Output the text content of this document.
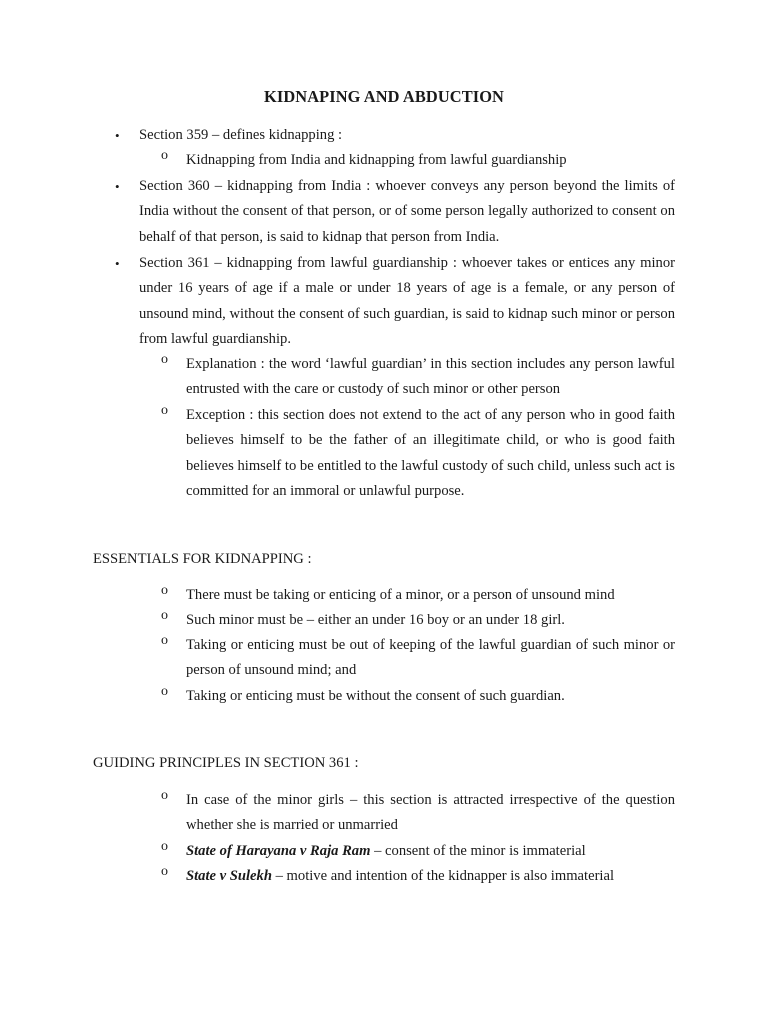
KIDNAPING AND ABDUCTION
• Section 359 – defines kidnapping :
o Kidnapping from India and kidnapping from lawful guardianship
• Section 360 – kidnapping from India : whoever conveys any person beyond the limits of India without the consent of that person, or of some person legally authorized to consent on behalf of that person, is said to kidnap that person from India.
• Section 361 – kidnapping from lawful guardianship : whoever takes or entices any minor under 16 years of age if a male or under 18 years of age is a female, or any person of unsound mind, without the consent of such guardian, is said to kidnap such minor or person from lawful guardianship.
o Explanation : the word ‘lawful guardian’ in this section includes any person lawful entrusted with the care or custody of such minor or other person
o Exception : this section does not extend to the act of any person who in good faith believes himself to be the father of an illegitimate child, or who is good faith believes himself to be entitled to the lawful custody of such child, unless such act is committed for an immoral or unlawful purpose.
ESSENTIALS FOR KIDNAPPING :
o There must be taking or enticing of a minor, or a person of unsound mind
o Such minor must be – either an under 16 boy or an under 18 girl.
o Taking or enticing must be out of keeping of the lawful guardian of such minor or person of unsound mind; and
o Taking or enticing must be without the consent of such guardian.
GUIDING PRINCIPLES IN SECTION 361 :
o In case of the minor girls – this section is attracted irrespective of the question whether she is married or unmarried
o State of Harayana v Raja Ram – consent of the minor is immaterial
o State v Sulekh – motive and intention of the kidnapper is also immaterial
